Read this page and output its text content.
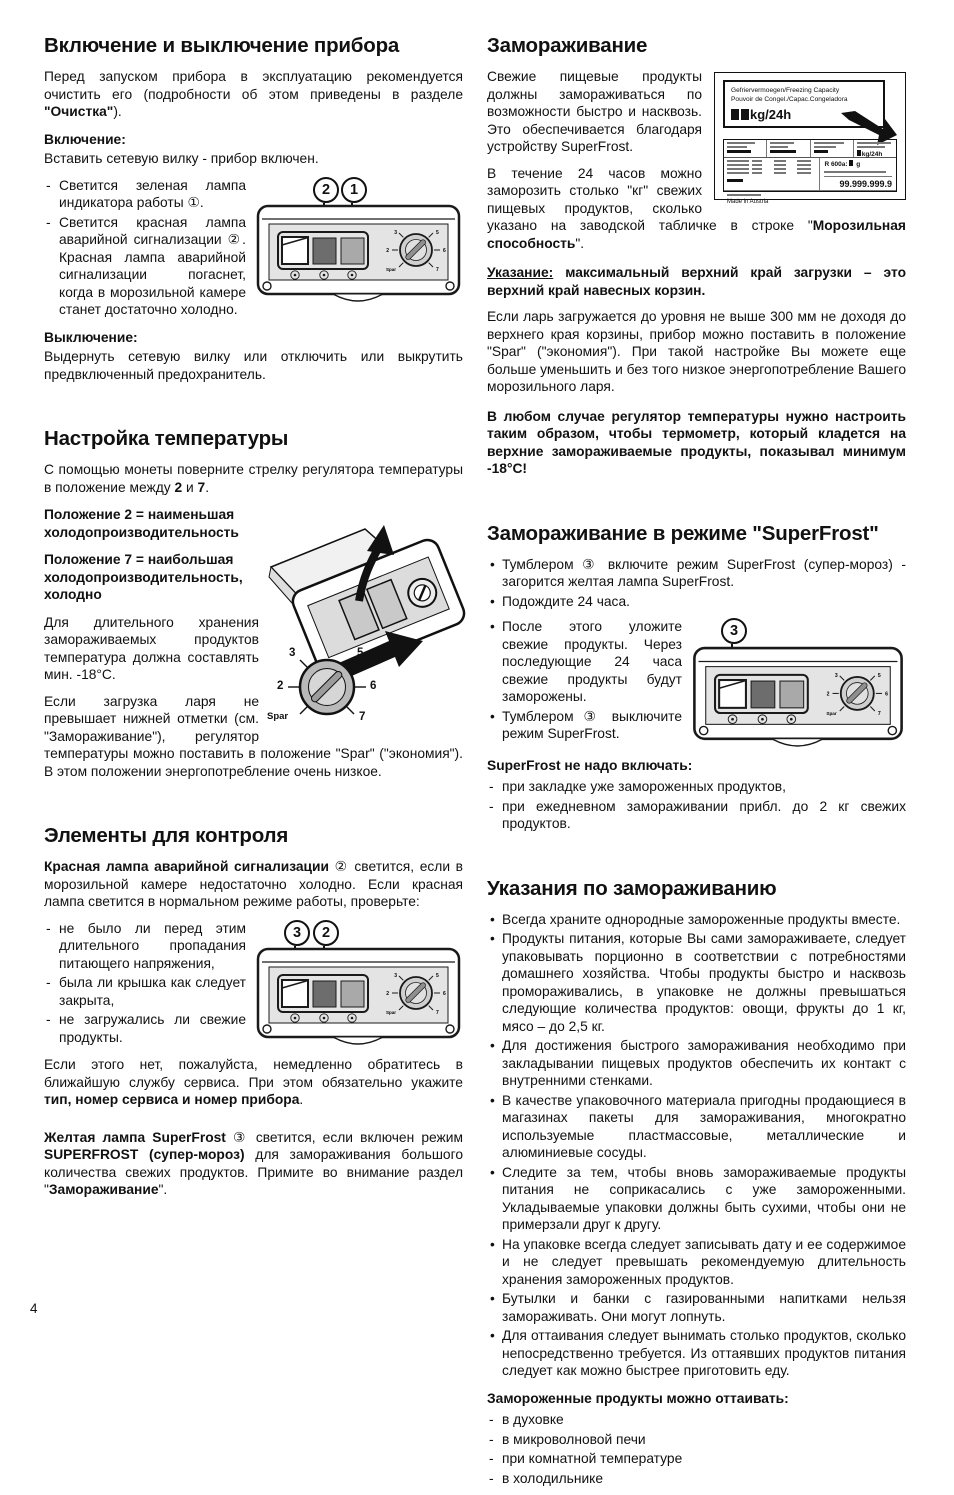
Включение и выключение прибора

Перед запуском прибора в эксплуатацию рекомендуется очистить его (подробности об этом приведены в разделе "Очистка").

Включение:

Вставить сетевую вилку - прибор включен.

2	1
3	5
2	6
Spar	7
- Светится зеленая лампа индикатора работы ①.
- Светится красная лампа аварийной сигнализации ②. Красная лампа аварийной сигнализации погаснет, когда в морозильной камере станет достаточно холодно.

Выключение:

Выдернуть сетевую вилку или отключить или выкрутить предвключенный предохранитель.

Настройка температуры

С помощью монеты поверните стрелку регулятора температуры в положение между 2 и 7.

3	5
2	6
Spar	7

Положение 2 = наименьшая холодопроизводительность

Положение 7 = наибольшая холодопроизводительность, холодно

Для длительного хранения замораживаемых продуктов температура должна составлять мин. -18°C.

Если загрузка ларя не превышает нижней отметки (см. "Замораживание"), регулятор температуры можно поставить в положение "Spar" ("экономия"). В этом положении энергопотребление очень низкое.

Элементы для контроля

Красная лампа аварийной сигнализации ② светится, если в морозильной камере недостаточно холодно. Если красная лампа светится в нормальном режиме работы, проверьте:

3	2
3	5
2	6
Spar	7
- не было ли перед этим длительного пропадания питающего напряжения,
- была ли крышка как следует закрыта,
- не загружались ли свежие продукты.

Если этого нет, пожалуйста, немедленно обратитесь в ближайшую службу сервиса. При этом обязательно укажите тип, номер сервиса и номер прибора.

Желтая лампа SuperFrost ③ светится, если включен режим SUPERFROST (супер-мороз) для замораживания большого количества свежих продуктов. Примите во внимание раздел "Замораживание".

Замораживание
Gefriervermoegen/Freezing Capacity
Pouvoir de Congel./Capac.Congeladora
kg/24h
kg/24h
R 600a: g
99.999.999.9
Made in Austria

Свежие пищевые продукты должны замораживаться по возможности быстро и насквозь. Это обеспечивается благодаря устройству SuperFrost.

В течение 24 часов можно заморозить столько "кг" свежих пищевых продуктов, сколько указано на заводской табличке в строке "Морозильная способность".

Указание: максимальный верхний край загрузки – это верхний край навесных корзин.

Если ларь загружается до уровня не выше 300 мм не доходя до верхнего края корзины, прибор можно поставить в положение "Spar" ("экономия"). При такой настройке Вы можете еще больше уменьшить и без того низкое энергопотребление Вашего морозильного ларя.

В любом случае регулятор температуры нужно настроить таким образом, чтобы термометр, который кладется на верхние замораживаемые продукты, показывал минимум -18°C!

Замораживание в режиме "SuperFrost"
• Тумблером ③ включите режим SuperFrost (супер-мороз) - загорится желтая лампа SuperFrost.
• Подождите 24 часа.
3
3	5
2	6
Spar	7
• После этого уложите свежие продукты. Через последующие 24 часа свежие продукты будут заморожены.
• Тумблером ③ выключите режим SuperFrost.

SuperFrost не надо включать:

- при закладке уже замороженных продуктов,
- при ежедневном замораживании прибл. до 2 кг свежих продуктов.
Указания по замораживанию
• Всегда храните однородные замороженные продукты вместе.
• Продукты питания, которые Вы сами замораживаете, следует упаковывать порционно в соответствии с потребностями домашнего хозяйства. Чтобы продукты быстро и насквозь промораживались, в упаковке не должны превышаться следующие количества продуктов: овощи, фрукты до 1 кг, мясо – до 2,5 кг.
• Для достижения быстрого замораживания необходимо при закладывании пищевых продуктов обеспечить их контакт с внутренними стенками.
• В качестве упаковочного материала пригодны продающиеся в магазинах пакеты для замораживания, многократно используемые пластмассовые, металлические и алюминиевые сосуды.
• Следите за тем, чтобы вновь замораживаемые продукты питания не соприкасались с уже замороженными. Укладываемые упаковки должны быть сухими, чтобы они не примерзали друг к другу.
• На упаковке всегда следует записывать дату и ее содержимое и не следует превышать рекомендуемую длительность хранения замороженных продуктов.
• Бутылки и банки с газированными напитками нельзя замораживать. Они могут лопнуть.
• Для оттаивания следует вынимать столько продуктов, сколько непосредственно требуется. Из оттаявших продуктов питания следует как можно быстрее приготовить еду.

Замороженные продукты можно оттаивать:

- в духовке
- в микроволновой печи
- при комнатной температуре
- в холодильнике
4
